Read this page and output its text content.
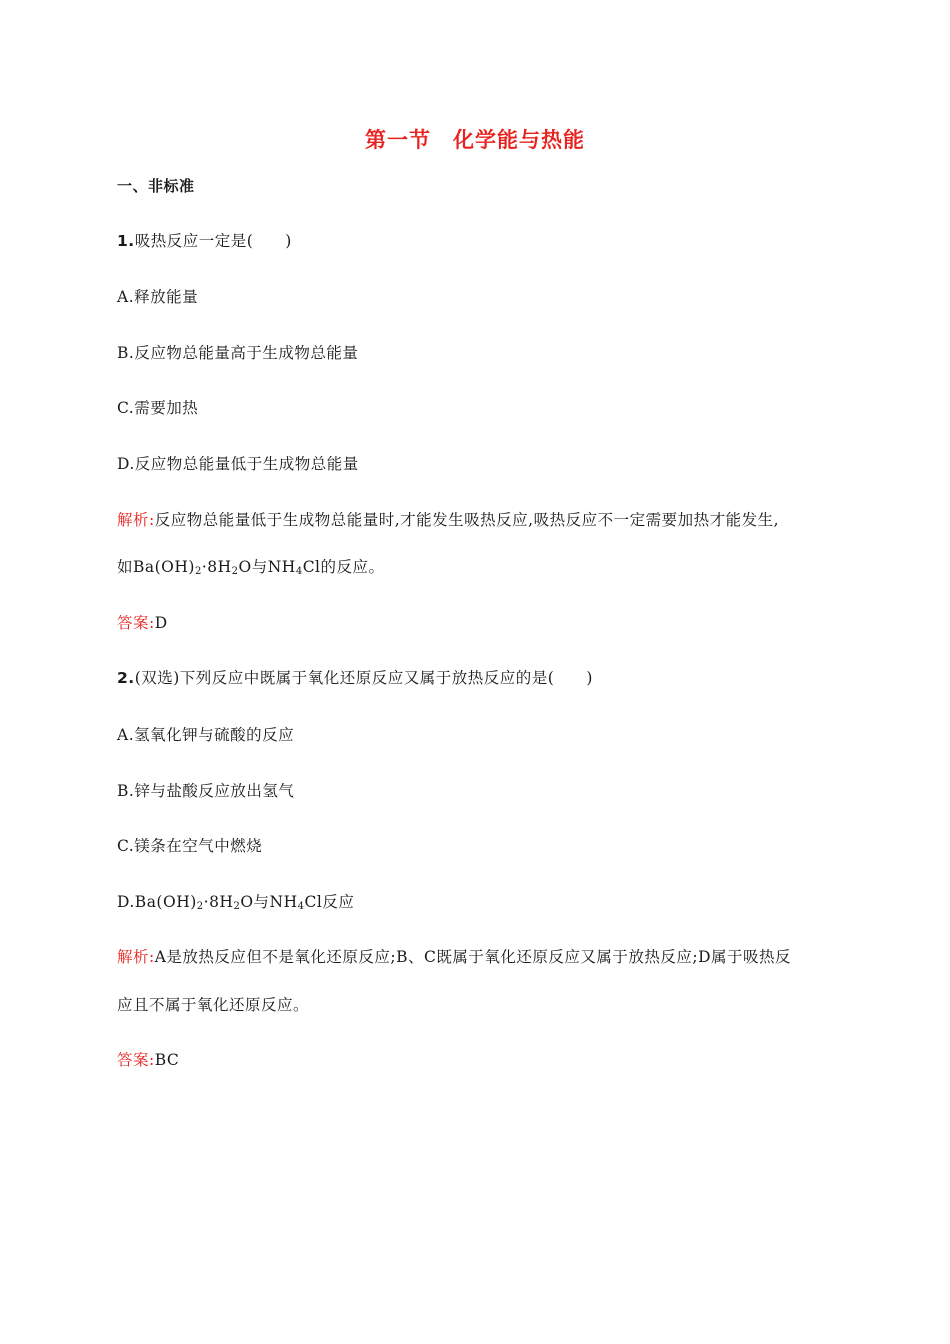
第一节 化学能与热能
一、非标准
1.吸热反应一定是(　　)
A.释放能量
B.反应物总能量高于生成物总能量
C.需要加热
D.反应物总能量低于生成物总能量
解析:反应物总能量低于生成物总能量时,才能发生吸热反应,吸热反应不一定需要加热才能发生,
如$Ba(OH)_2\cdot 8H_2O$与$NH_4Cl$的反应。
答案:D
2.(双选)下列反应中既属于氧化还原反应又属于放热反应的是(　　)
A.氢氧化钾与硫酸的反应
B.锌与盐酸反应放出氢气
C.镁条在空气中燃烧
$D.Ba(OH)_2\cdot 8H_2O$与$NH_4Cl$反应
解析:A是放热反应但不是氧化还原反应;B、C既属于氧化还原反应又属于放热反应;D属于吸热反
应且不属于氧化还原反应。
答案:BC
